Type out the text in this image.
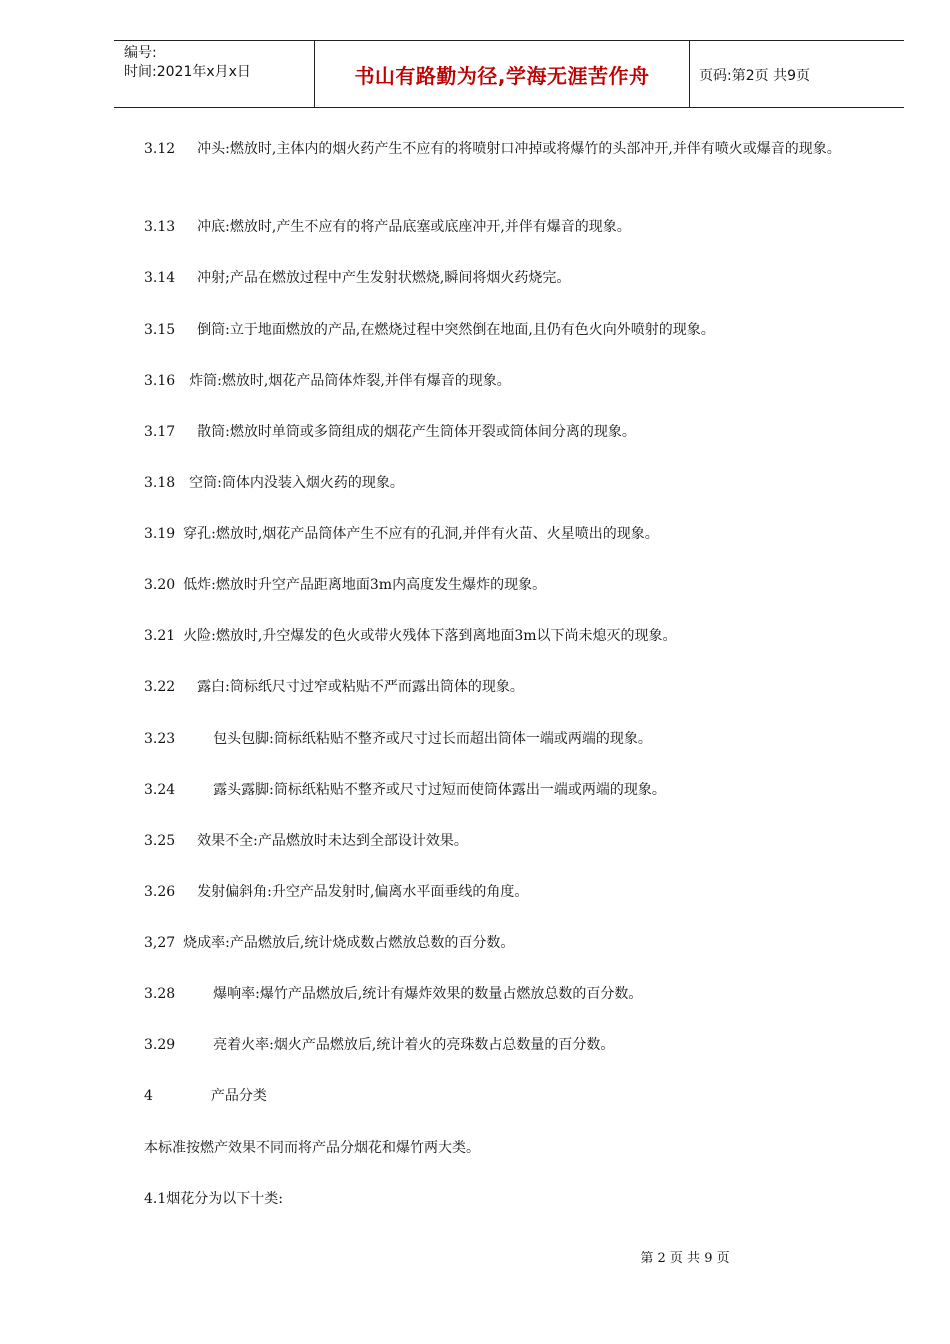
编号:
时间:2021年x月x日	书山有路勤为径,学海无涯苦作舟	页码:第2页 共9页
3.12 冲头:燃放时,主体内的烟火药产生不应有的将喷射口冲掉或将爆竹的头部冲开,并伴有喷火或爆音的现象。
3.13 冲底:燃放时,产生不应有的将产品底塞或底座冲开,并伴有爆音的现象。
3.14 冲射;产品在燃放过程中产生发射状燃烧,瞬间将烟火药烧完。
3.15 倒筒:立于地面燃放的产品,在燃烧过程中突然倒在地面,且仍有色火向外喷射的现象。
3.16 炸筒:燃放时,烟花产品筒体炸裂,并伴有爆音的现象。
3.17 散筒:燃放时单筒或多筒组成的烟花产生筒体开裂或筒体间分离的现象。
3.18 空筒:筒体内没装入烟火药的现象。
3.19 穿孔:燃放时,烟花产品筒体产生不应有的孔洞,并伴有火苗、火星喷出的现象。
3.20 低炸:燃放时升空产品距离地面3m内高度发生爆炸的现象。
3.21 火险:燃放时,升空爆发的色火或带火残体下落到离地面3m以下尚未熄灭的现象。
3.22 露白:筒标纸尺寸过窄或粘贴不严而露出筒体的现象。
3.23	包头包脚:筒标纸粘贴不整齐或尺寸过长而超出筒体一端或两端的现象。
3.24	露头露脚:筒标纸粘贴不整齐或尺寸过短而使筒体露出一端或两端的现象。
3.25 效果不全:产品燃放时未达到全部设计效果。
3.26 发射偏斜角:升空产品发射时,偏离水平面垂线的角度。
3,27 烧成率:产品燃放后,统计烧成数占燃放总数的百分数。
3.28	爆响率:爆竹产品燃放后,统计有爆炸效果的数量占燃放总数的百分数。
3.29	亮着火率:烟火产品燃放后,统计着火的亮珠数占总数量的百分数。
4	产品分类
本标准按燃产效果不同而将产品分烟花和爆竹两大类。
4.1烟花分为以下十类:
第 2 页 共 9 页
